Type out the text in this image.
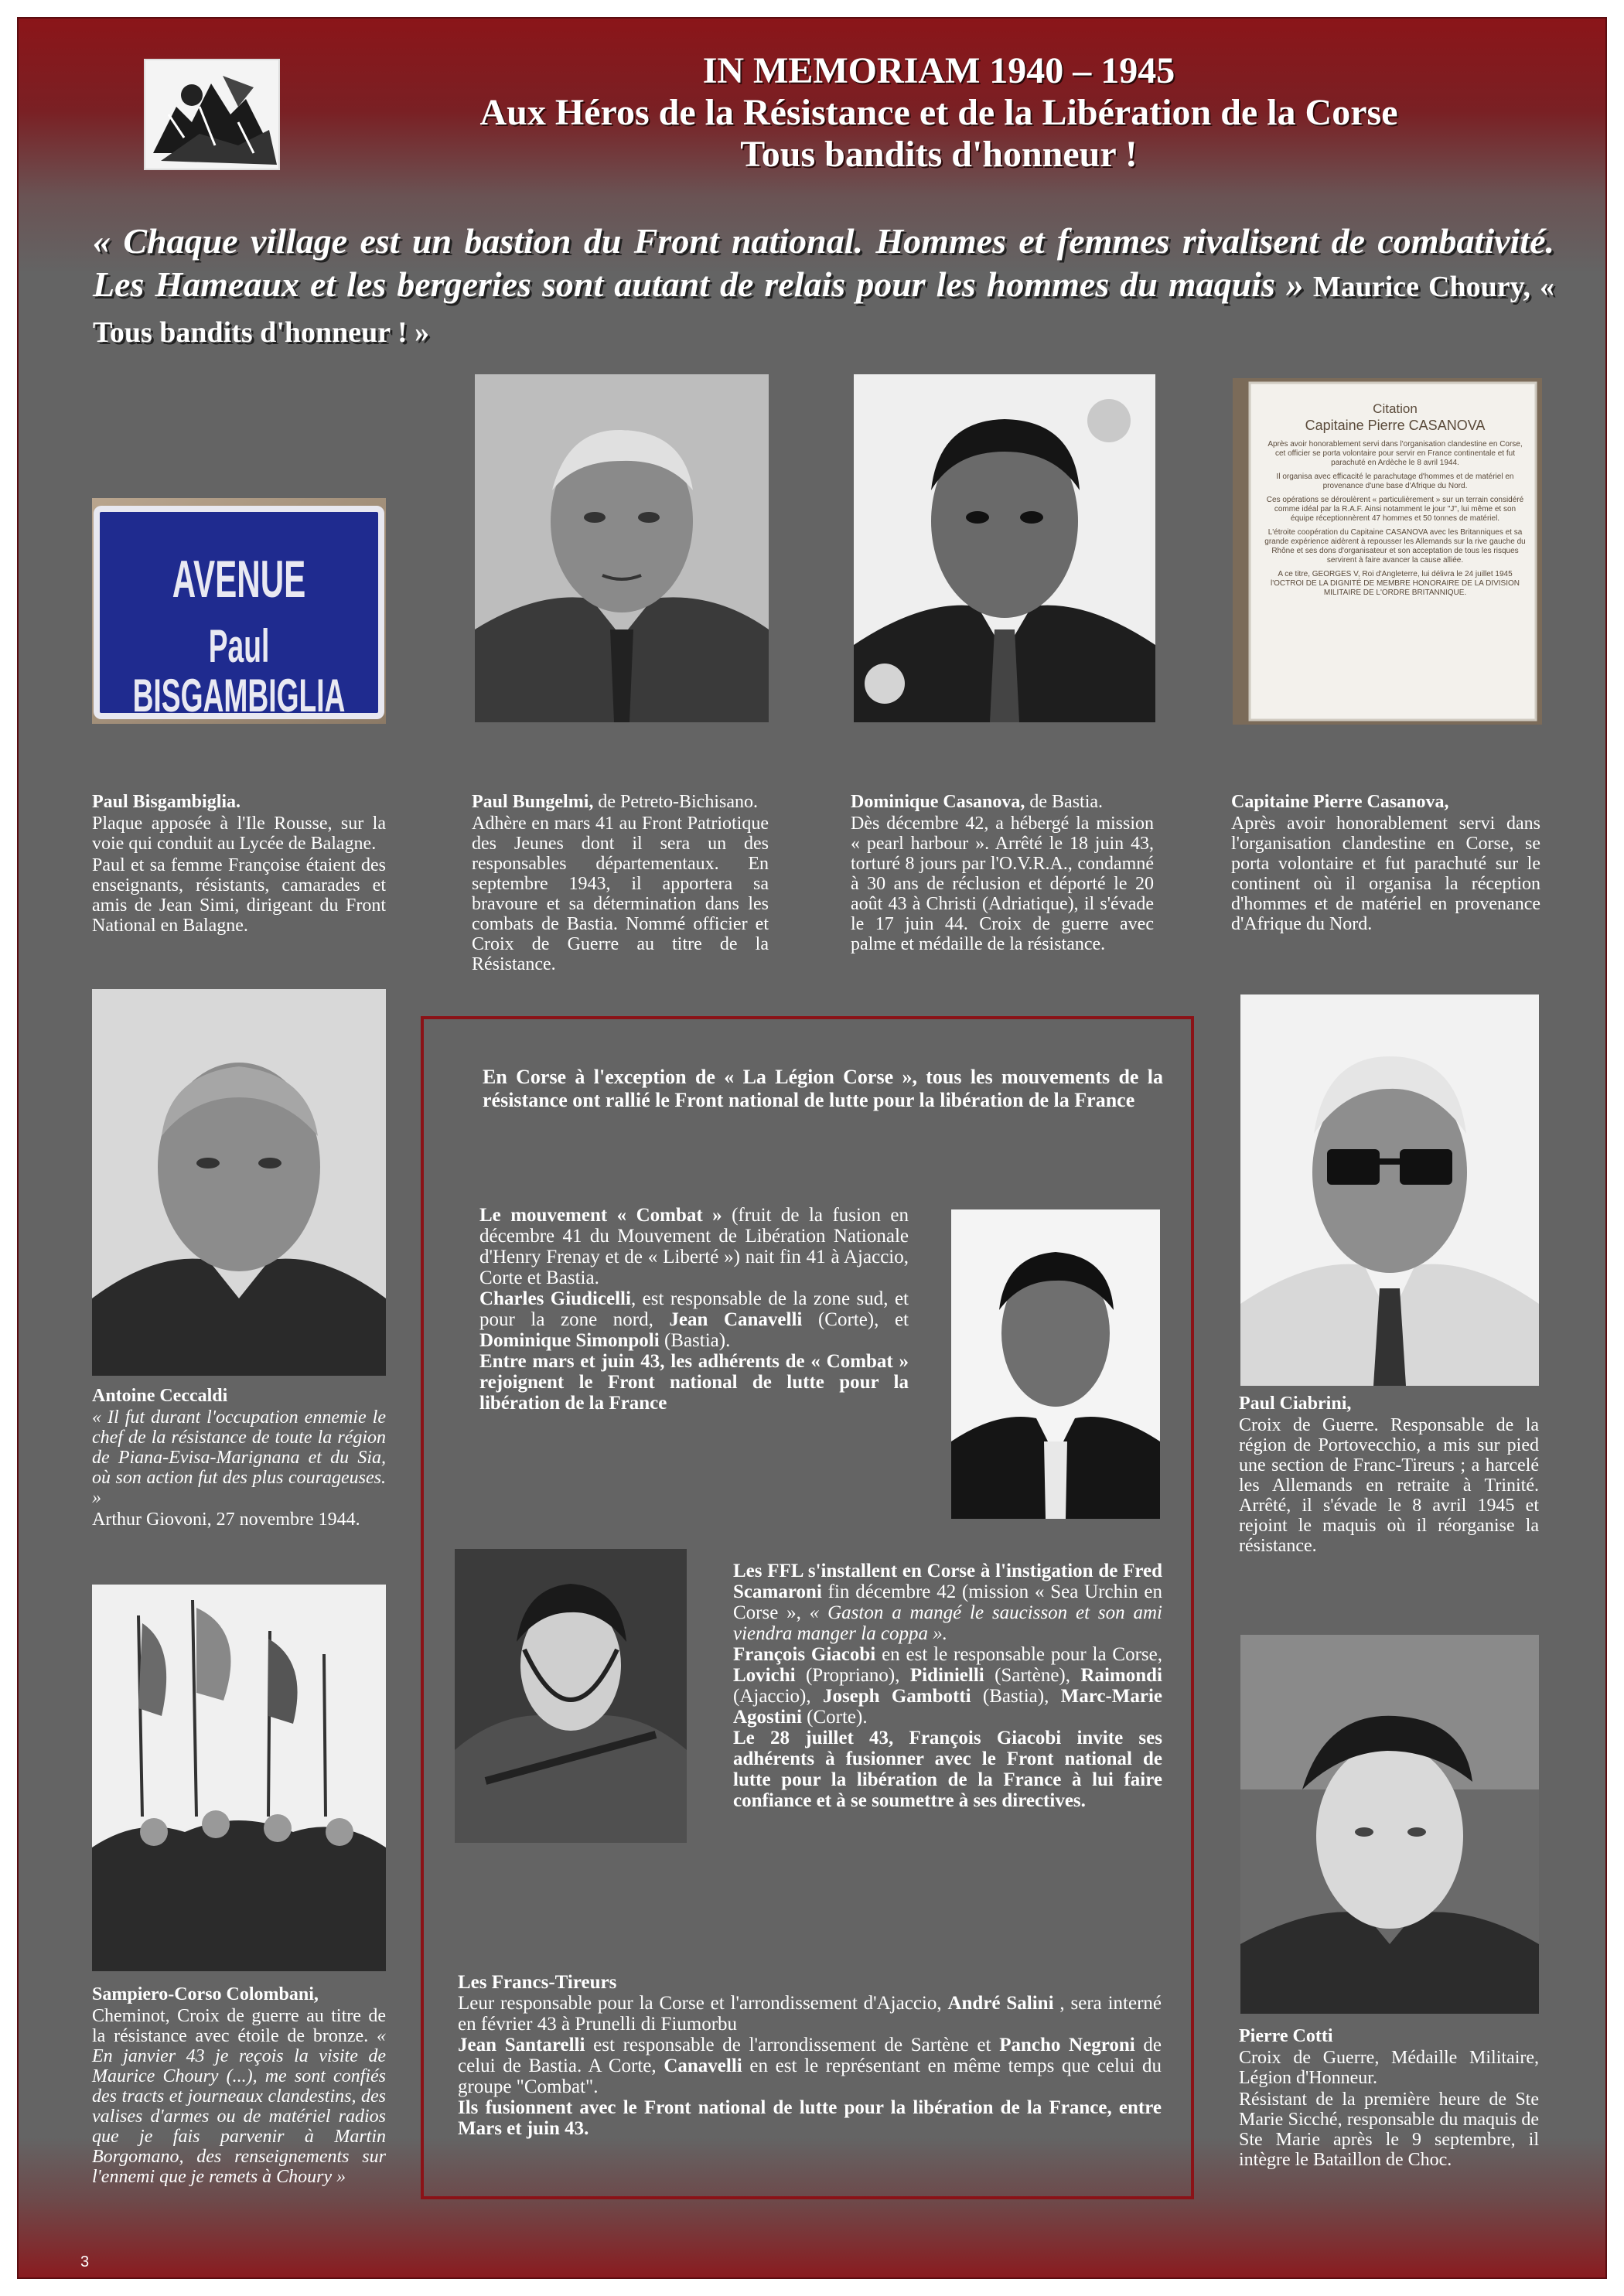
IN MEMORIAM 1940 – 1945
Aux Héros de la Résistance et de la Libération de la Corse
Tous bandits d'honneur !
« Chaque village est un bastion du Front national. Hommes et femmes rivalisent de combativité. Les Hameaux et les bergeries sont autant de relais pour les hommes du maquis » Maurice Choury, « Tous bandits d'honneur ! »
AVENUE
Paul BISGAMBIGLIA
Citation
Capitaine Pierre CASANOVA
Après avoir honorablement servi dans l'organisation clandestine en Corse, cet officier se porta volontaire pour servir en France continentale et fut parachuté en Ardèche le 8 avril 1944.
Il organisa avec efficacité le parachutage d'hommes et de matériel en provenance d'une base d'Afrique du Nord.
Ces opérations se déroulèrent « particulièrement » sur un terrain considéré comme idéal par la R.A.F. Ainsi notamment le jour "J", lui même et son équipe réceptionnèrent 47 hommes et 50 tonnes de matériel.
L'étroite coopération du Capitaine CASANOVA avec les Britanniques et sa grande expérience aidèrent à repousser les Allemands sur la rive gauche du Rhône et ses dons d'organisateur et son acceptation de tous les risques servirent à faire avancer la cause alliée.
A ce titre, GEORGES V, Roi d'Angleterre, lui délivra le 24 juillet 1945 l'OCTROI DE LA DIGNITÉ DE MEMBRE HONORAIRE DE LA DIVISION MILITAIRE DE L'ORDRE BRITANNIQUE.

Paul Bisgambiglia.

Plaque apposée à l'Ile Rousse, sur la voie qui conduit au Lycée de Balagne.

Paul et sa femme Françoise étaient des enseignants, résistants, camarades et amis de Jean Simi, dirigeant du Front National en Balagne.

Paul Bungelmi, de Petreto-Bichisano.

Adhère en mars 41 au Front Patriotique des Jeunes dont il sera un des responsables départementaux. En septembre 1943, il apportera sa bravoure et sa détermination dans les combats de Bastia. Nommé officier et Croix de Guerre au titre de la Résistance.

Dominique Casanova, de Bastia.

Dès décembre 42, a hébergé la mission « pearl harbour ». Arrêté le 18 juin 43, torturé 8 jours par l'O.V.R.A., condamné à 30 ans de réclusion et déporté le 20 août 43 à Christi (Adriatique), il s'évade le 17 juin 44. Croix de guerre avec palme et médaille de la résistance.

Capitaine Pierre Casanova,

Après avoir honorablement servi dans l'organisation clandestine en Corse, se porta volontaire et fut parachuté sur le continent où il organisa la réception d'hommes et de matériel en provenance d'Afrique du Nord.

Antoine Ceccaldi

« Il fut durant l'occupation ennemie le chef de la résistance de toute la région de Piana-Evisa-Marignana et du Sia, où son action fut des plus courageuses. »

Arthur Giovoni, 27 novembre 1944.

Sampiero-Corso Colombani,

Cheminot, Croix de guerre au titre de la résistance avec étoile de bronze. « En janvier 43 je reçois la visite de Maurice Choury (...), me sont confiés des tracts et journeaux clandestins, des valises d'armes ou de matériel radios que je fais parvenir à Martin Borgomano, des renseignements sur l'ennemi que je remets à Choury »

Paul Ciabrini,

Croix de Guerre. Responsable de la région de Portovecchio, a mis sur pied une section de Franc-Tireurs ; a harcelé les Allemands en retraite à Trinité. Arrêté, il s'évade le 8 avril 1945 et rejoint le maquis où il réorganise la résistance.

Pierre Cotti

Croix de Guerre, Médaille Militaire, Légion d'Honneur.

Résistant de la première heure de Ste Marie Sicché, responsable du maquis de Ste Marie après le 9 septembre, il intègre le Bataillon de Choc.

En Corse à l'exception de « La Légion Corse », tous les mouvements de la résistance ont rallié le Front national de lutte pour la libération de la France

Le mouvement « Combat » (fruit de la fusion en décembre 41 du Mouvement de Libération Nationale d'Henry Frenay et de « Liberté ») nait fin 41 à Ajaccio, Corte et Bastia.

Charles Giudicelli, est responsable de la zone sud, et pour la zone nord, Jean Canavelli (Corte), et Dominique Simonpoli (Bastia).

Entre mars et juin 43, les adhérents de « Combat » rejoignent le Front national de lutte pour la libération de la France

Les FFL s'installent en Corse à l'instigation de Fred Scamaroni fin décembre 42 (mission « Sea Urchin en Corse », « Gaston a mangé le saucisson et son ami viendra manger la coppa ».

François Giacobi en est le responsable pour la Corse, Lovichi (Propriano), Pidinielli (Sartène), Raimondi (Ajaccio), Joseph Gambotti (Bastia), Marc-Marie Agostini (Corte).

Le 28 juillet 43, François Giacobi invite ses adhérents à fusionner avec le Front national de lutte pour la libération de la France à lui faire confiance et à se soumettre à ses directives.

Les Francs-Tireurs

Leur responsable pour la Corse et l'arrondissement d'Ajaccio, André Salini , sera interné en février 43 à Prunelli di Fiumorbu

Jean Santarelli est responsable de l'arrondissement de Sartène et Pancho Negroni de celui de Bastia. A Corte, Canavelli en est le représentant en même temps que celui du groupe "Combat".

Ils fusionnent avec le Front national de lutte pour la libération de la France, entre Mars et juin 43.

3
